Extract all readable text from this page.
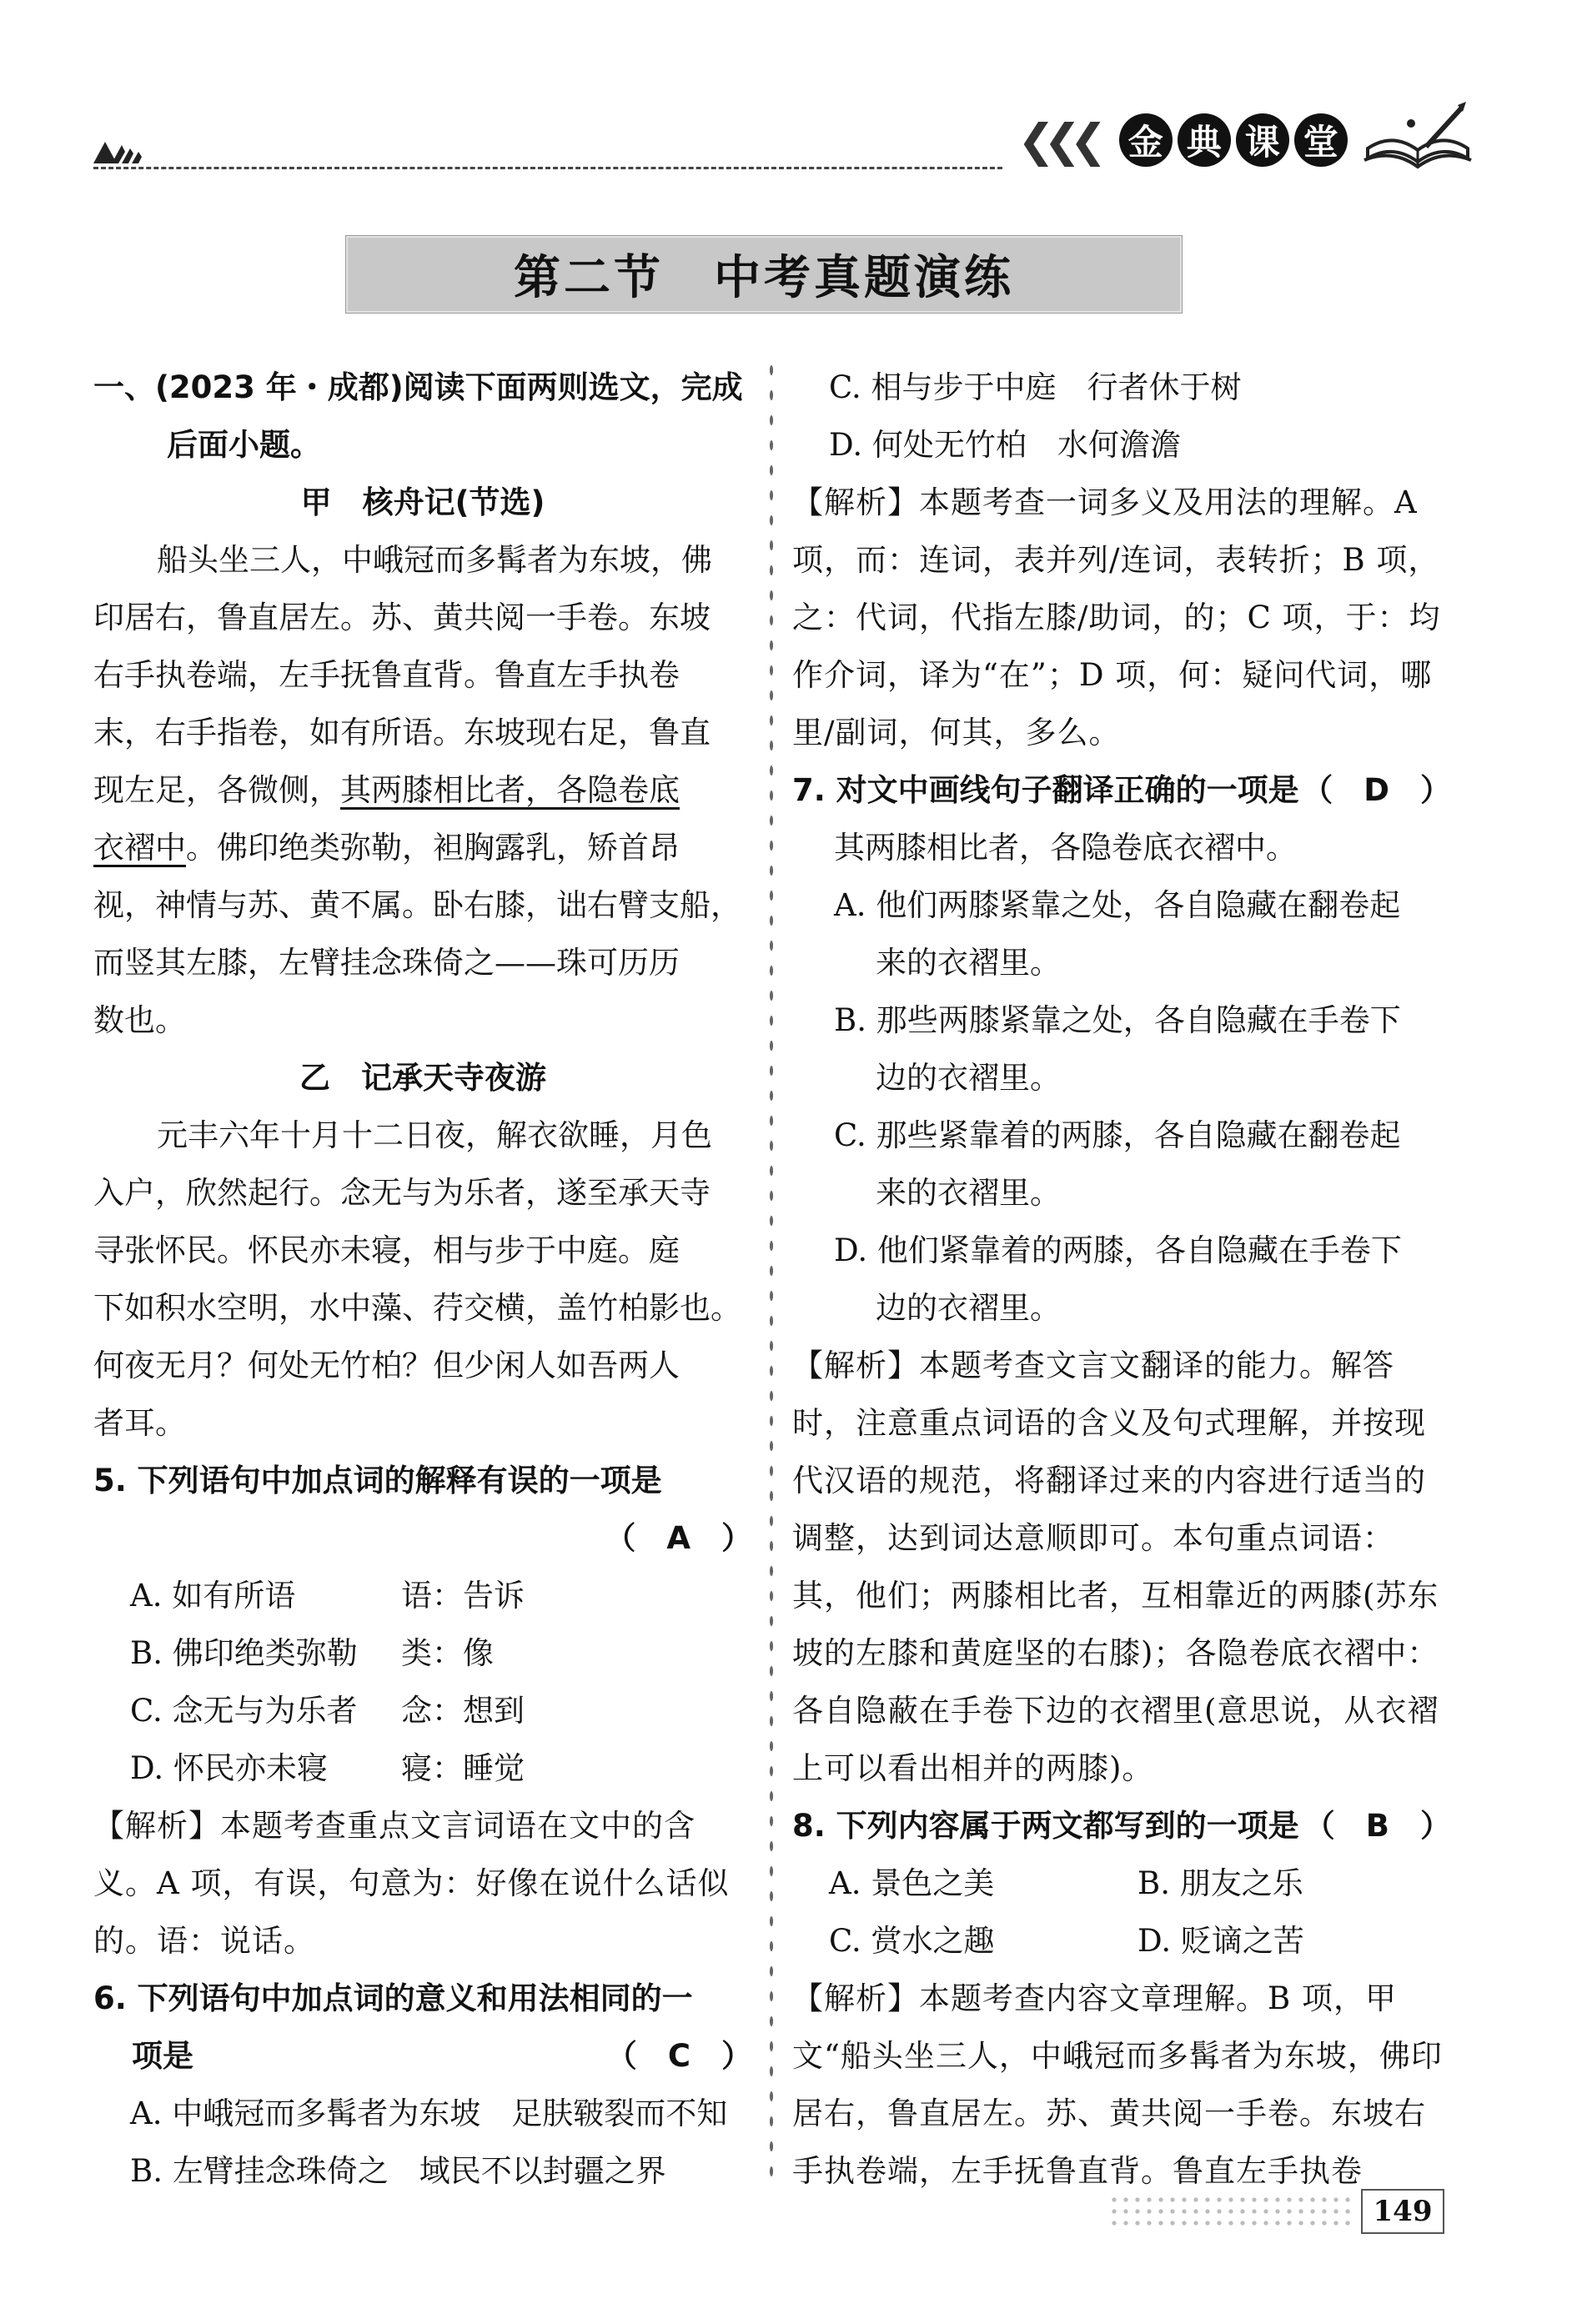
❮❮❮ 金 典 课 堂
第二节　中考真题演练

一、(2023 年・成都)阅读下面两则选文，完成

后面小题。

甲　核舟记(节选)

船头坐三人，中峨冠而多髯者为东坡，佛

印居右，鲁直居左。苏、黄共阅一手卷。东坡

右手执卷端，左手抚鲁直背。鲁直左手执卷

末，右手指卷，如有所语。东坡现右足，鲁直

现左足，各微侧，其两膝相比者，各隐卷底

衣褶中。佛印绝类弥勒，袒胸露乳，矫首昂

视，神情与苏、黄不属。卧右膝，诎右臂支船，

而竖其左膝，左臂挂念珠倚之——珠可历历

数也。

乙　记承天寺夜游

元丰六年十月十二日夜，解衣欲睡，月色

入户，欣然起行。念无与为乐者，遂至承天寺

寻张怀民。怀民亦未寝，相与步于中庭。庭

下如积水空明，水中藻、荇交横，盖竹柏影也。

何夜无月？何处无竹柏？但少闲人如吾两人

者耳。

5. 下列语句中加点词的解释有误的一项是

（　A　）

A. 如有所语	语：告诉

B. 佛印绝类弥勒	类：像

C. 念无与为乐者	念：想到

D. 怀民亦未寝	寝：睡觉

【解析】本题考查重点文言词语在文中的含义。A 项，有误，句意为：好像在说什么话似的。语：说话。

6. 下列语句中加点词的意义和用法相同的一

项是	（　C　）

A. 中峨冠而多髯者为东坡　足肤皲裂而不知

B. 左臂挂念珠倚之　域民不以封疆之界

C. 相与步于中庭　行者休于树

D. 何处无竹柏　水何澹澹

【解析】本题考查一词多义及用法的理解。A 项，而：连词，表并列/连词，表转折；B 项，之：代词，代指左膝/助词，的；C 项，于：均作介词，译为“在”；D 项，何：疑问代词，哪里/副词，何其，多么。

7. 对文中画线句子翻译正确的一项是 （　D　）

其两膝相比者，各隐卷底衣褶中。

A. 他们两膝紧靠之处，各自隐藏在翻卷起

来的衣褶里。

B. 那些两膝紧靠之处，各自隐藏在手卷下

边的衣褶里。

C. 那些紧靠着的两膝，各自隐藏在翻卷起

来的衣褶里。

D. 他们紧靠着的两膝，各自隐藏在手卷下

边的衣褶里。

【解析】本题考查文言文翻译的能力。解答时，注意重点词语的含义及句式理解，并按现代汉语的规范，将翻译过来的内容进行适当的调整，达到词达意顺即可。本句重点词语：其，他们；两膝相比者，互相靠近的两膝(苏东坡的左膝和黄庭坚的右膝)；各隐卷底衣褶中：各自隐蔽在手卷下边的衣褶里(意思说，从衣褶上可以看出相并的两膝)。

8. 下列内容属于两文都写到的一项是 （　B　）

A. 景色之美	B. 朋友之乐

C. 赏水之趣	D. 贬谪之苦

【解析】本题考查内容文章理解。B 项，甲文“船头坐三人，中峨冠而多髯者为东坡，佛印居右，鲁直居左。苏、黄共阅一手卷。东坡右手执卷端，左手抚鲁直背。鲁直左手执卷

149
